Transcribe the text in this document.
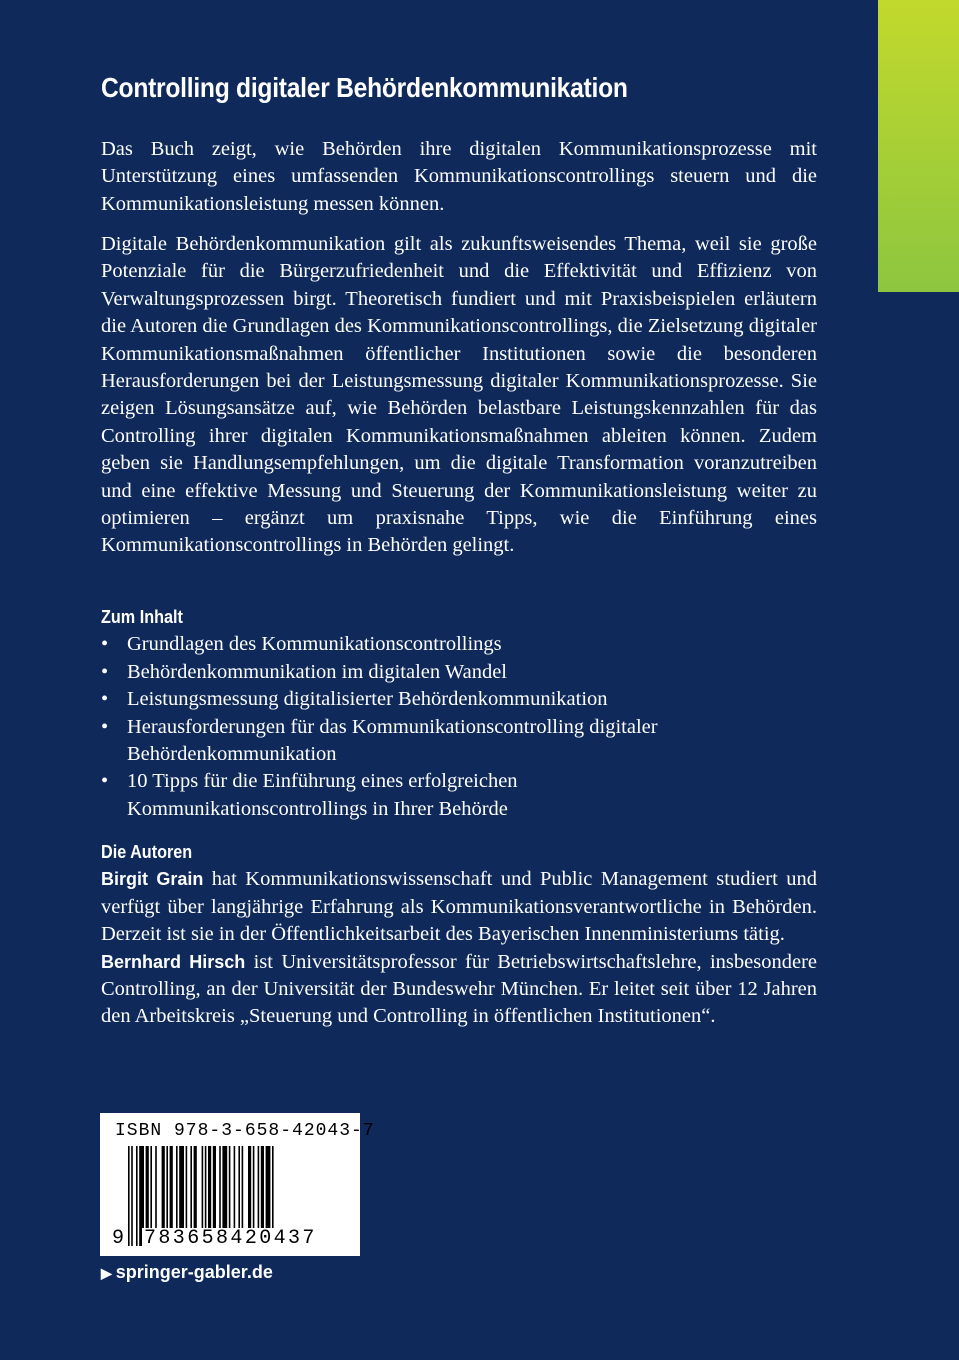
Controlling digitaler Behördenkommunikation

Das Buch zeigt, wie Behörden ihre digitalen Kommunikationsprozesse mit Unterstützung eines umfassenden Kommunikationscontrollings steuern und die Kommunikationsleistung messen können.

Digitale Behördenkommunikation gilt als zukunftsweisendes Thema, weil sie große Potenziale für die Bürgerzufriedenheit und die Effektivität und Effizienz von Verwaltungsprozessen birgt. Theoretisch fundiert und mit Praxisbeispielen erläutern die Autoren die Grundlagen des Kommunikationscontrollings, die Zielsetzung digitaler Kommunikationsmaßnahmen öffentlicher Institutionen sowie die besonderen Herausforderungen bei der Leistungsmessung digitaler Kommunikationsprozesse. Sie zeigen Lösungsansätze auf, wie Behörden belastbare Leistungskennzahlen für das Controlling ihrer digitalen Kommunikationsmaßnahmen ableiten können. Zudem geben sie Handlungsempfehlungen, um die digitale Transformation voranzutreiben und eine effektive Messung und Steuerung der Kommunikationsleistung weiter zu optimieren – ergänzt um praxisnahe Tipps, wie die Einführung eines Kommunikationscontrollings in Behörden gelingt.

Zum Inhalt
• Grundlagen des Kommunikationscontrollings
• Behördenkommunikation im digitalen Wandel
• Leistungsmessung digitalisierter Behördenkommunikation
• Herausforderungen für das Kommunikationscontrolling digitaler Behördenkommunikation
• 10 Tipps für die Einführung eines erfolgreichen Kommunikationscontrollings in Ihrer Behörde
Die Autoren

Birgit Grain hat Kommunikationswissenschaft und Public Management studiert und verfügt über langjährige Erfahrung als Kommunikationsverantwortliche in Behörden. Derzeit ist sie in der Öffentlichkeitsarbeit des Bayerischen Innenministeriums tätig.

Bernhard Hirsch ist Universitätsprofessor für Betriebswirtschaftslehre, insbesondere Controlling, an der Universität der Bundeswehr München. Er leitet seit über 12 Jahren den Arbeitskreis „Steuerung und Controlling in öffentlichen Institutionen“.

ISBN 978-3-658-42043-7
9 783658420437
▶ springer-gabler.de
